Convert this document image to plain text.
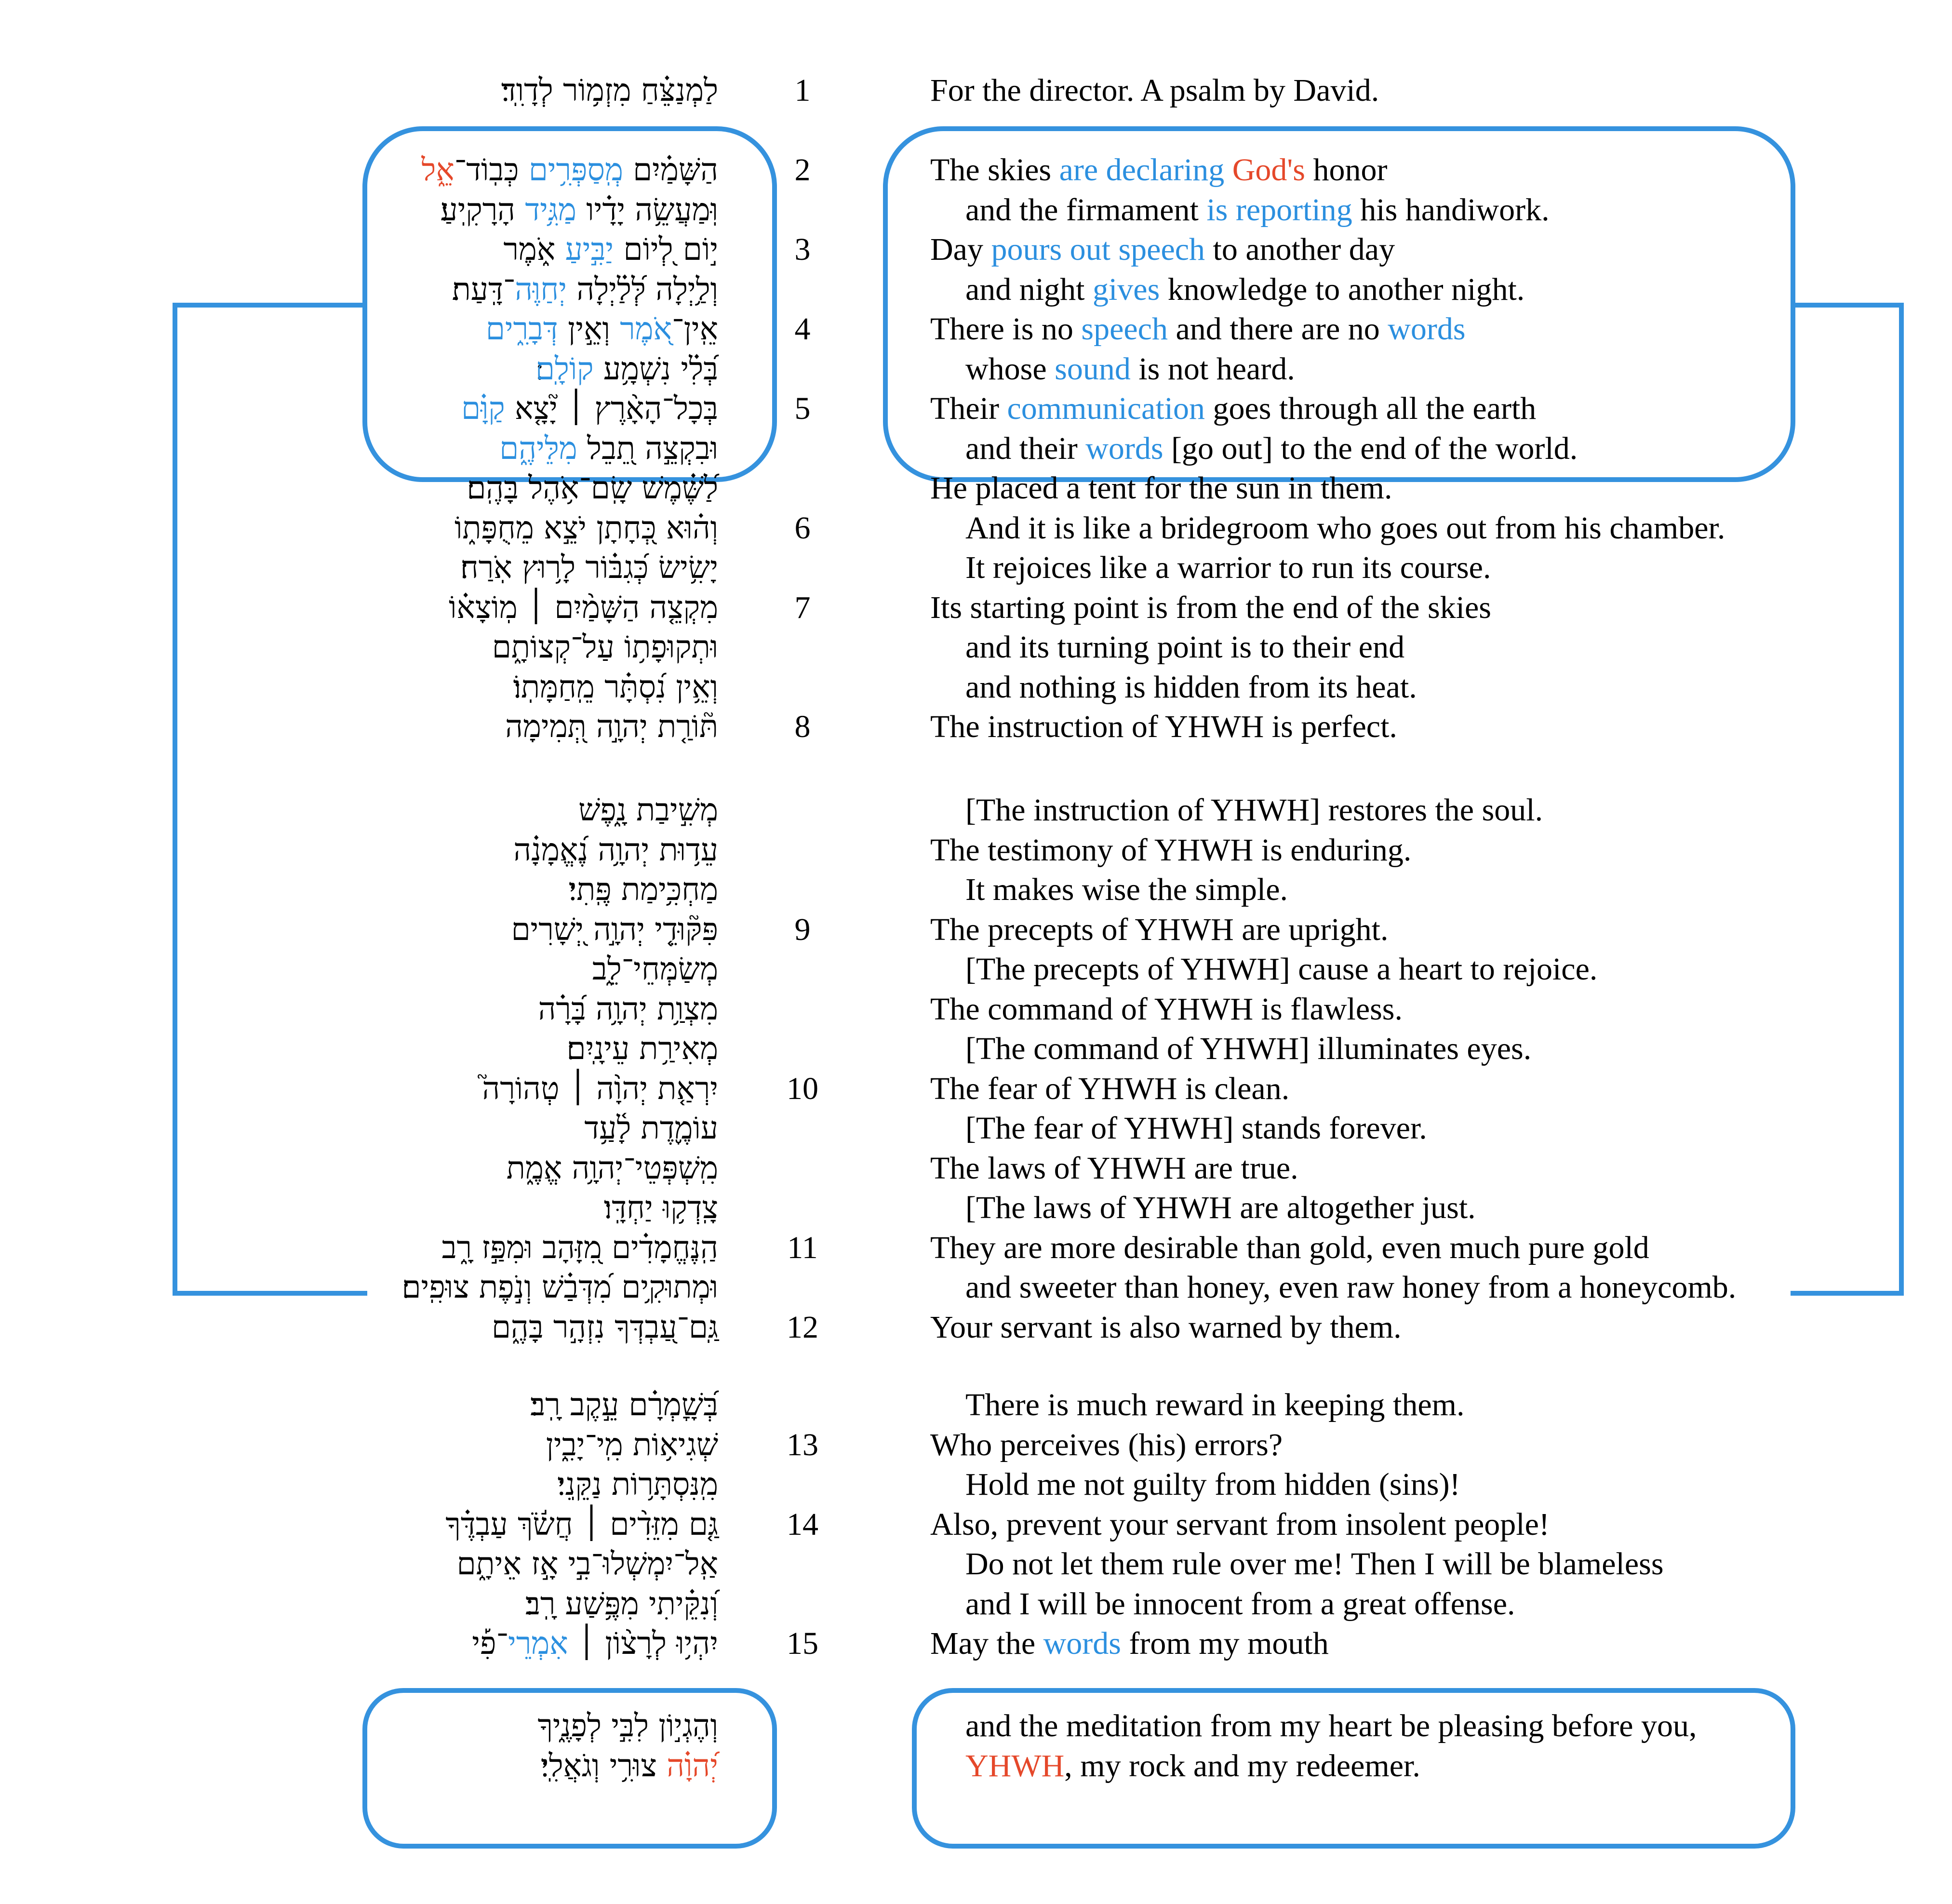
לַמְנַצֵּ֗חַ מִזְמ֥וֹר לְדָוִֽד׃
הַשָּׁמַ֗יִם מְֽסַפְּרִ֥ים כְּבֽוֹד־אֵ֑ל
וּֽמַעֲשֵׂ֥ה יָדָ֗יו מַגִּ֥יד הָרָקִֽיעַ׃
י֣וֹם לְ֭יוֹם יַבִּ֣יעַ אֹ֑מֶר
וְלַ֥יְלָה לְּ֝לַ֗יְלָה יְחַוֶּה־דָּֽעַת׃
אֵֽין־אֹ֭מֶר וְאֵ֣ין דְּבָרִ֑ים
בְּ֝לִ֗י נִשְׁמָ֥ע קוֹלָֽם
בְּכָל־הָאָ֨רֶץ ׀ יָ֘צָ֤א קַוָּ֗ם
וּבִקְצֵ֣ה תֵ֭בֵל מִלֵּיהֶ֑ם
לַ֝שֶּׁ֗מֶשׁ שָֽׂם־אֹ֥הֶל בָּהֶֽם׃
וְה֗וּא כְּ֭חָתָן יֹצֵ֣א מֵחֻפָּת֑וֹ
יָשִׂ֥ישׂ כְּ֝גִבּ֗וֹר לָר֥וּץ אֹֽרַח׃
מִקְצֵ֤ה הַשָּׁמַ֨יִם ׀ מֽוֹצָא֗וֹ
וּתְקוּפָת֥וֹ עַל־קְצוֹתָ֑ם
וְאֵ֥ין נִ֝סְתָּ֗ר מֵֽחַמָּתֽוֹ׃
תּ֘וֹרַ֤ת יְהוָ֣ה תְּ֭מִימָה
מְשִׁ֣יבַת נָ֑פֶשׁ
עֵד֥וּת יְהוָ֥ה נֶ֝אֱמָנָ֗ה
מַחְכִּ֥ימַת פֶּֽתִי׃
פִּקּ֘וּדֵ֤י יְהוָ֣ה יְ֭שָׁרִים
מְשַׂמְּחֵי־לֵ֑ב
מִצְוַ֥ת יְהוָ֥ה בָּ֝רָ֗ה
מְאִירַ֥ת עֵינָֽיִם׃
יִרְאַ֤ת יְהוָ֨ה ׀ טְהוֹרָה֮
עוֹמֶ֪דֶת לָ֫עַ֥ד
מִֽשְׁפְּטֵי־יְהוָ֥ה אֱמֶ֑ת
צָֽדְק֥וּ יַחְדָּֽו׃
הַֽנֶּחֱמָדִ֗ים מִ֭זָּהָב וּמִפַּ֣ז רָ֑ב
וּמְתוּקִ֥ים מִ֝דְּבַ֗שׁ וְנֹ֣פֶת צוּפִֽים׃
גַּֽם־עַ֭בְדְּךָ נִזְהָ֣ר בָּהֶ֑ם
בְּ֝שָׇׁמְרָ֗ם עֵ֣קֶב רָֽב׃
שְׁגִיא֥וֹת מִֽי־יָבִ֑ין
מִֽנִּסְתָּר֥וֹת נַקֵּֽנִי׃
גַּ֤ם מִזֵּדִ֨ים ׀ חֲשֹׂ֬ךְ עַבְדֶּ֗ךָ
אַֽל־יִמְשְׁלוּ־בִ֣י אָ֣ז אֵיתָ֑ם
וְ֝נִקֵּ֗יתִי מִפֶּ֥שַׁע רָֽב׃
יִהְי֥וּ לְרָצ֨וֹן ׀ אִמְרֵי־פִ֡י
וְהֶגְי֣וֹן לִבִּ֣י לְפָנֶ֑יךָ
יְ֝הוָ֗ה צוּרִ֥י וְגֹאֲלִֽי׃
For the director. A psalm by David.
The skies are declaring God's honor
and the firmament is reporting his handiwork.
Day pours out speech to another day
and night gives knowledge to another night.
There is no speech and there are no words
whose sound is not heard.
Their communication goes through all the earth
and their words [go out] to the end of the world.
He placed a tent for the sun in them.
And it is like a bridegroom who goes out from his chamber.
It rejoices like a warrior to run its course.
Its starting point is from the end of the skies
and its turning point is to their end
and nothing is hidden from its heat.
The instruction of YHWH is perfect.
[The instruction of YHWH] restores the soul.
The testimony of YHWH is enduring.
It makes wise the simple.
The precepts of YHWH are upright.
[The precepts of YHWH] cause a heart to rejoice.
The command of YHWH is flawless.
[The command of YHWH] illuminates eyes.
The fear of YHWH is clean.
[The fear of YHWH] stands forever.
The laws of YHWH are true.
[The laws of YHWH are altogether just.
They are more desirable than gold, even much pure gold
and sweeter than honey, even raw honey from a honeycomb.
Your servant is also warned by them.
There is much reward in keeping them.
Who perceives (his) errors?
Hold me not guilty from hidden (sins)!
Also, prevent your servant from insolent people!
Do not let them rule over me! Then I will be blameless
and I will be innocent from a great offense.
May the words from my mouth
and the meditation from my heart be pleasing before you,
YHWH, my rock and my redeemer.
1
2
3
4
5
6
7
8
9
10
11
12
13
14
15
